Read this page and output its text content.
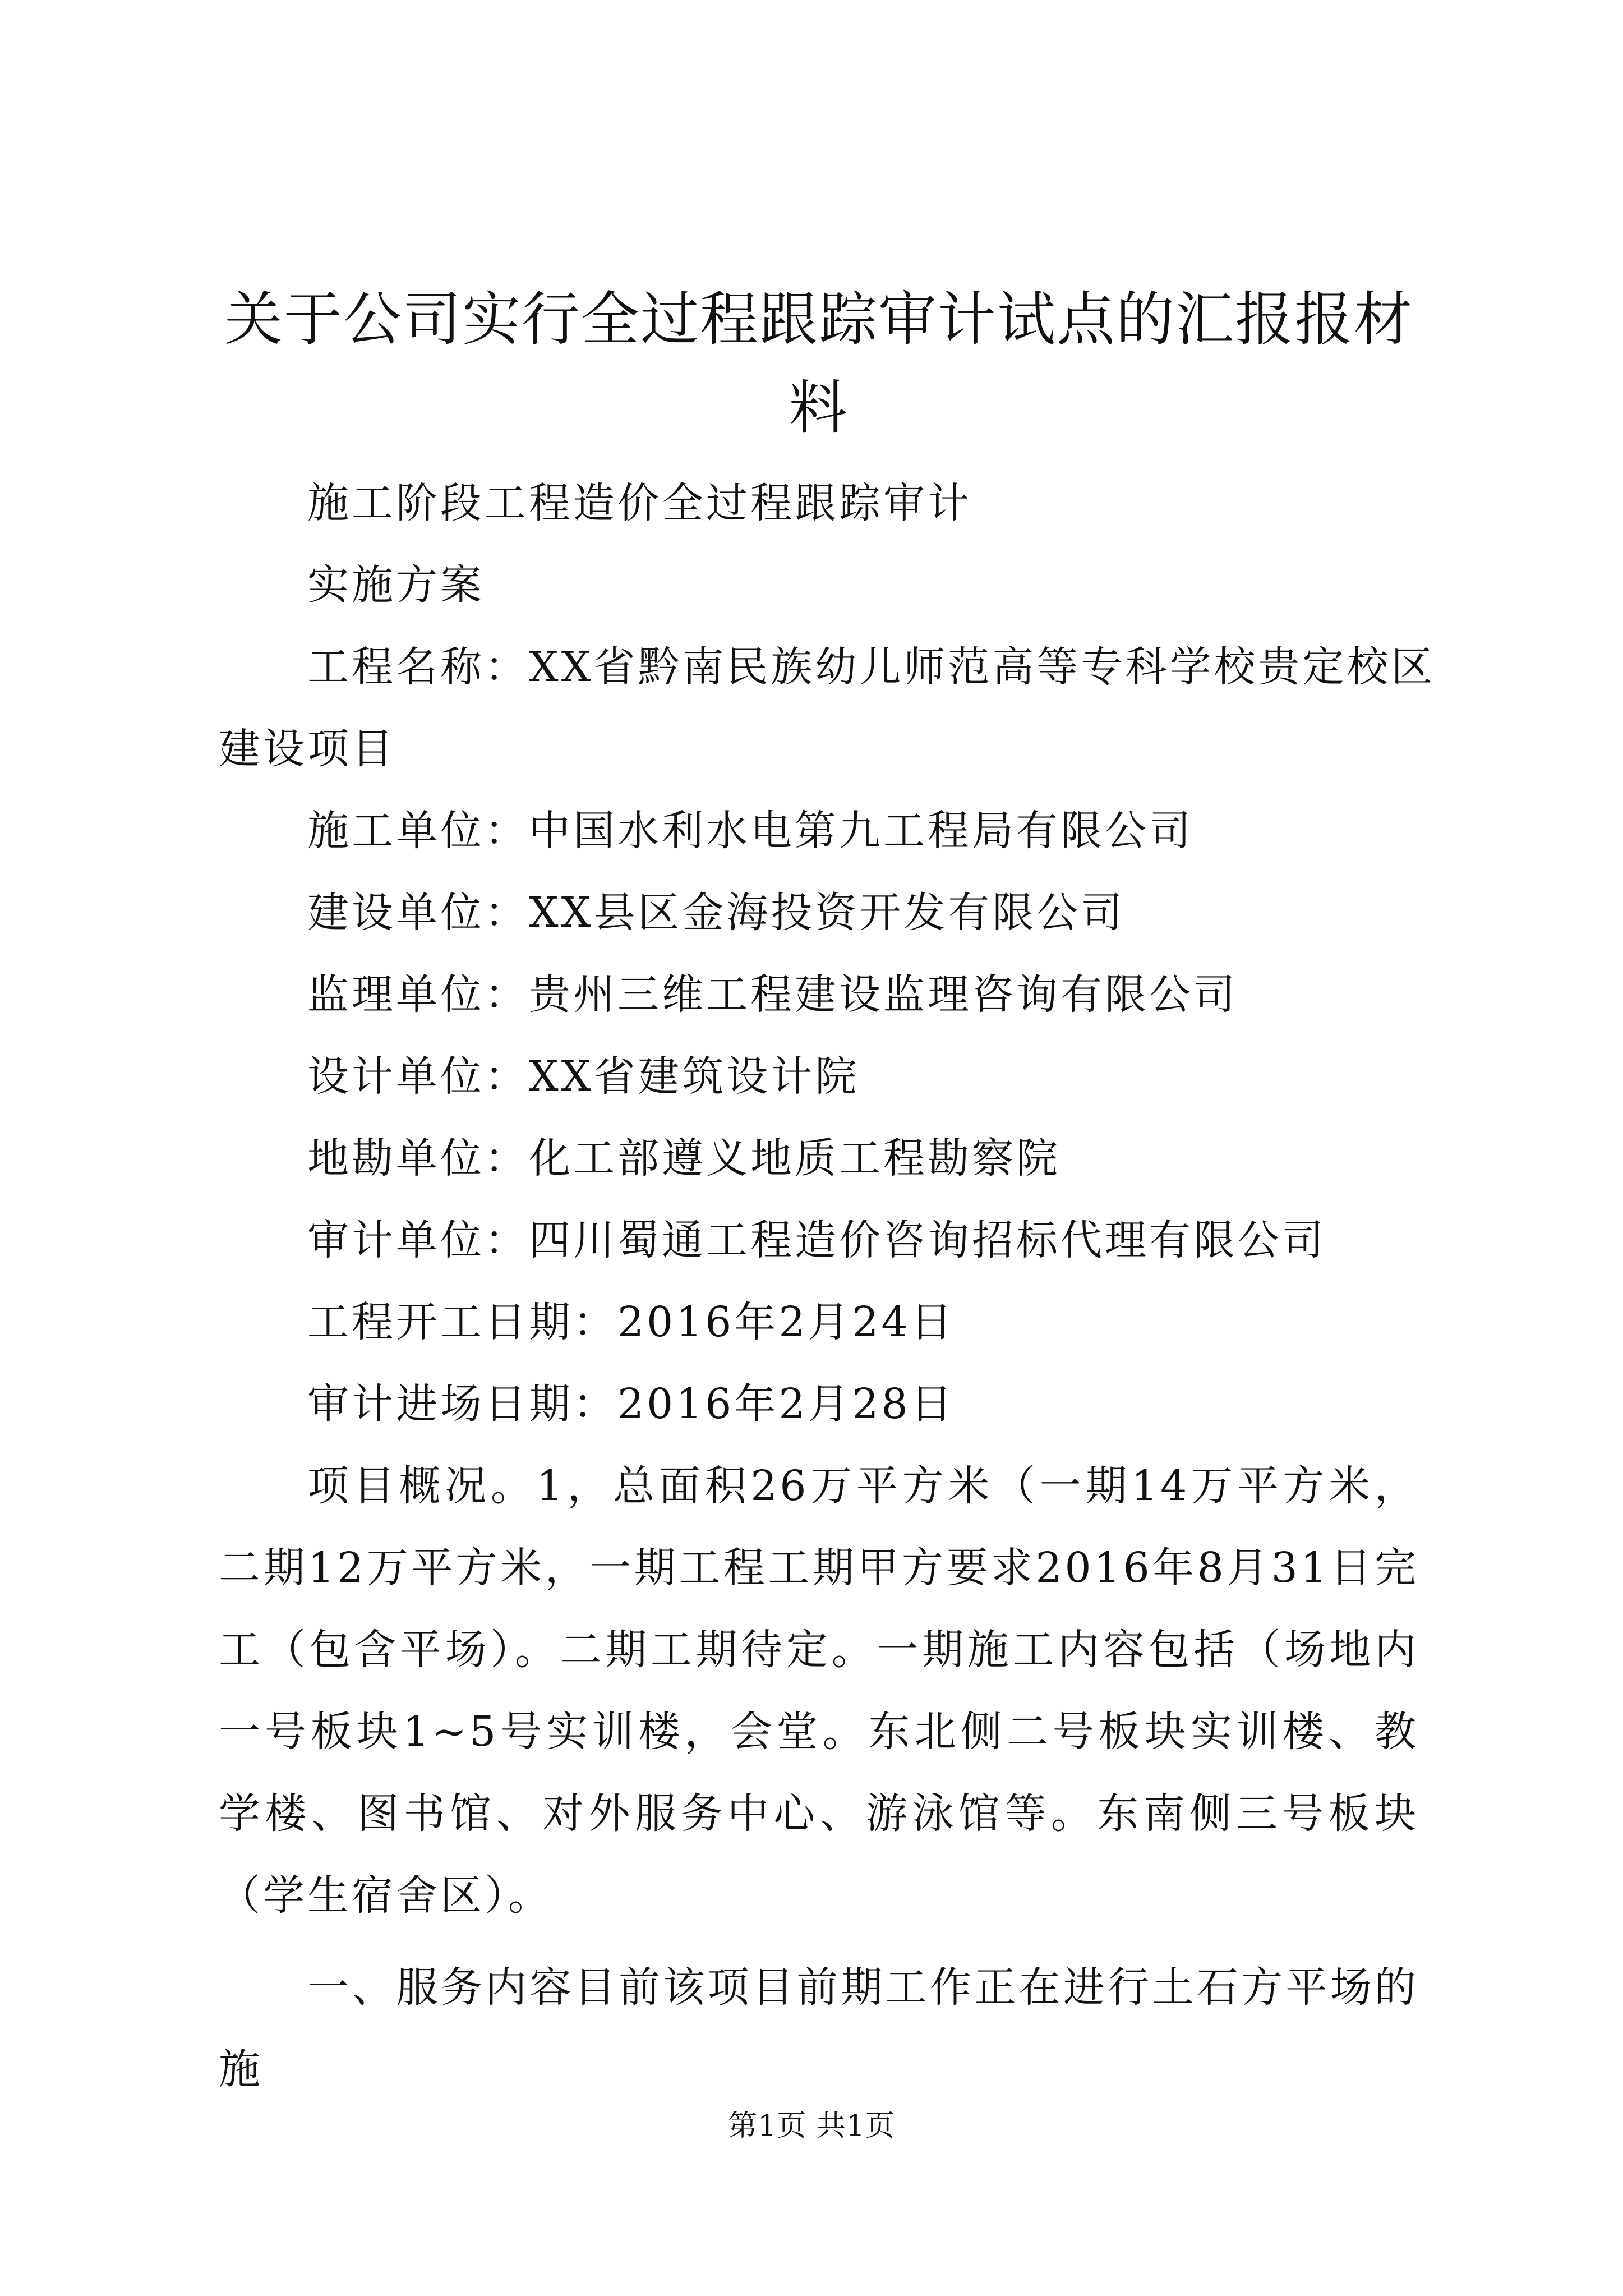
关于公司实行全过程跟踪审计试点的汇报报材料

施工阶段工程造价全过程跟踪审计

实施方案

工程名称：XX省黔南民族幼儿师范高等专科学校贵定校区

建设项目

施工单位：中国水利水电第九工程局有限公司

建设单位：XX县区金海投资开发有限公司

监理单位：贵州三维工程建设监理咨询有限公司

设计单位：XX省建筑设计院

地勘单位：化工部遵义地质工程勘察院

审计单位：四川蜀通工程造价咨询招标代理有限公司

工程开工日期：2016年2月24日

审计进场日期：2016年2月28日

项目概况。1，总面积26万平方米（一期14万平方米，二期12万平方米，一期工程工期甲方要求2016年8月31日完工（包含平场）。二期工期待定。一期施工内容包括（场地内一号板块1~5号实训楼，会堂。东北侧二号板块实训楼、教学楼、图书馆、对外服务中心、游泳馆等。东南侧三号板块（学生宿舍区）。

一、服务内容目前该项目前期工作正在进行土石方平场的施

第1页 共1页
